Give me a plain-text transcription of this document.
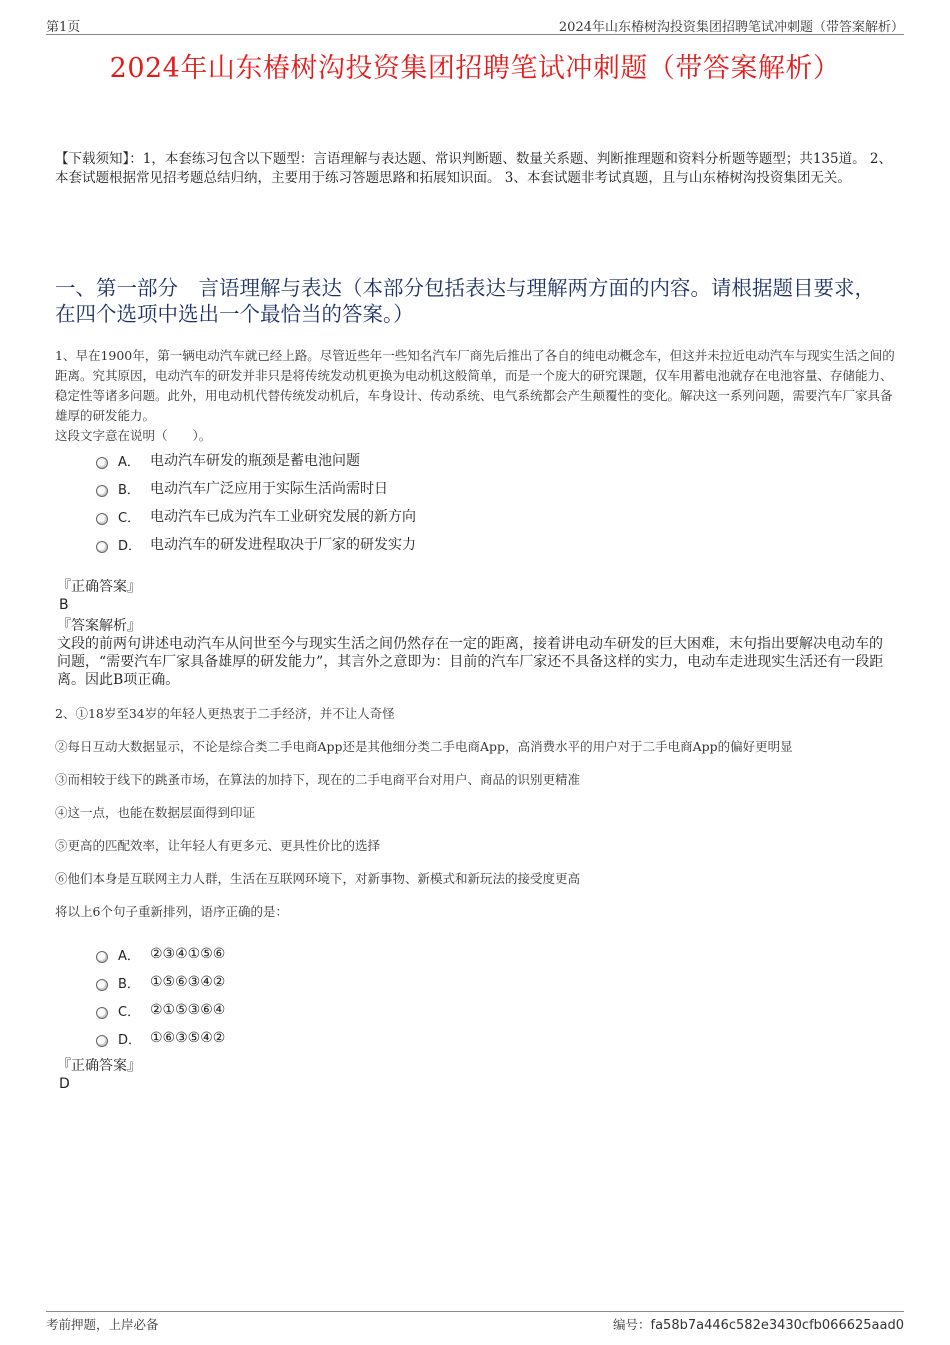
第1页	2024年山东椿树沟投资集团招聘笔试冲刺题（带答案解析）
2024年山东椿树沟投资集团招聘笔试冲刺题（带答案解析）
【下载须知】：1，本套练习包含以下题型：言语理解与表达题、常识判断题、数量关系题、判断推理题和资料分析题等题型；共135道。 2、本套试题根据常见招考题总结归纳，主要用于练习答题思路和拓展知识面。 3、本套试题非考试真题，且与山东椿树沟投资集团无关。
一、第一部分　言语理解与表达（本部分包括表达与理解两方面的内容。请根据题目要求，在四个选项中选出一个最恰当的答案。）
1、早在1900年，第一辆电动汽车就已经上路。尽管近些年一些知名汽车厂商先后推出了各自的纯电动概念车，但这并未拉近电动汽车与现实生活之间的距离。究其原因，电动汽车的研发并非只是将传统发动机更换为电动机这般简单，而是一个庞大的研究课题，仅车用蓄电池就存在电池容量、存储能力、稳定性等诸多问题。此外，用电动机代替传统发动机后，车身设计、传动系统、电气系统都会产生颠覆性的变化。解决这一系列问题，需要汽车厂家具备雄厚的研发能力。
这段文字意在说明（　　）。
A． 电动汽车研发的瓶颈是蓄电池问题
B． 电动汽车广泛应用于实际生活尚需时日
C． 电动汽车已成为汽车工业研究发展的新方向
D． 电动汽车的研发进程取决于厂家的研发实力
『正确答案』
B
『答案解析』
文段的前两句讲述电动汽车从问世至今与现实生活之间仍然存在一定的距离，接着讲电动车研发的巨大困难，末句指出要解决电动车的问题，“需要汽车厂家具备雄厚的研发能力”，其言外之意即为：目前的汽车厂家还不具备这样的实力，电动车走进现实生活还有一段距离。因此B项正确。

2、①18岁至34岁的年轻人更热衷于二手经济，并不让人奇怪

②每日互动大数据显示，不论是综合类二手电商App还是其他细分类二手电商App，高消费水平的用户对于二手电商App的偏好更明显

③而相较于线下的跳蚤市场，在算法的加持下，现在的二手电商平台对用户、商品的识别更精准

④这一点，也能在数据层面得到印证

⑤更高的匹配效率，让年轻人有更多元、更具性价比的选择

⑥他们本身是互联网主力人群，生活在互联网环境下，对新事物、新模式和新玩法的接受度更高

将以上6个句子重新排列，语序正确的是：

A． ②③④①⑤⑥
B． ①⑤⑥③④②
C． ②①⑤③⑥④
D． ①⑥③⑤④②
『正确答案』
D
考前押题，上岸必备	编号：fa58b7a446c582e3430cfb066625aad0
